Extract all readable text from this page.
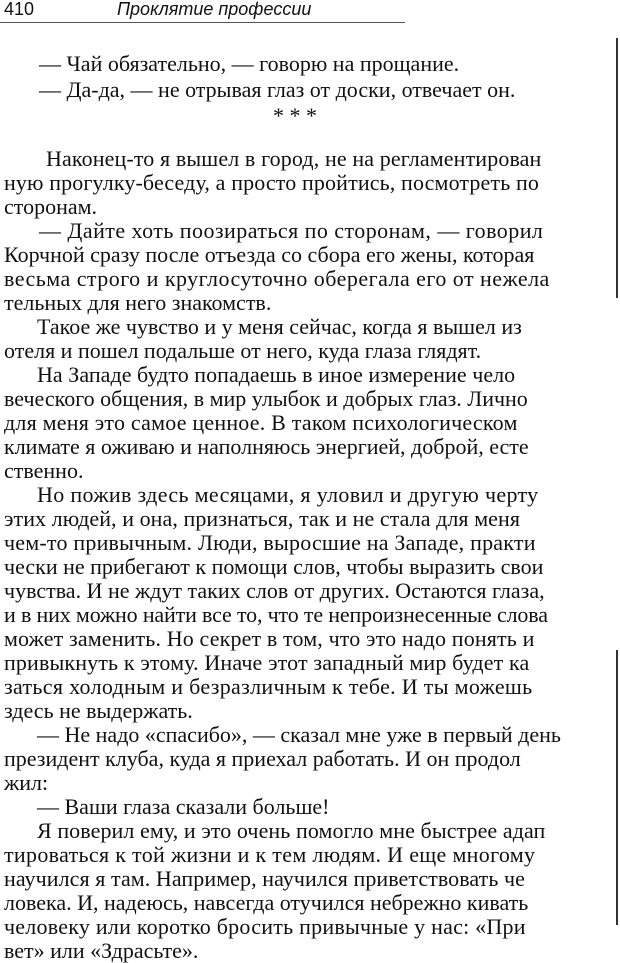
410	Проклятие профессии
— Чай обязательно, — говорю на прощание.
— Да-да, — не отрывая глаз от доски, отвечает он.
* * *
Наконец-то я вышел в город, не на регламентирован
ную прогулку-беседу, а просто пройтись, посмотреть по
сторонам.
— Дайте хоть поозираться по сторонам, — говорил
Корчной сразу после отъезда со сбора его жены, которая
весьма строго и круглосуточно оберегала его от нежела
тельных для него знакомств.
Такое же чувство и у меня сейчас, когда я вышел из
отеля и пошел подальше от него, куда глаза глядят.
На Западе будто попадаешь в иное измерение чело
веческого общения, в мир улыбок и добрых глаз. Лично
для меня это самое ценное. В таком психологическом
климате я оживаю и наполняюсь энергией, доброй, есте
ственно.
Но пожив здесь месяцами, я уловил и другую черту
этих людей, и она, признаться, так и не стала для меня
чем-то привычным. Люди, выросшие на Западе, практи
чески не прибегают к помощи слов, чтобы выразить свои
чувства. И не ждут таких слов от других. Остаются глаза,
и в них можно найти все то, что те непроизнесенные слова
может заменить. Но секрет в том, что это надо понять и
привыкнуть к этому. Иначе этот западный мир будет ка
заться холодным и безразличным к тебе. И ты можешь
здесь не выдержать.
— Не надо «спасибо», — сказал мне уже в первый день
президент клуба, куда я приехал работать. И он продол
жил:
— Ваши глаза сказали больше!
Я поверил ему, и это очень помогло мне быстрее адап
тироваться к той жизни и к тем людям. И еще многому
научился я там. Например, научился приветствовать че
ловека. И, надеюсь, навсегда отучился небрежно кивать
человеку или коротко бросить привычные у нас: «При
вет» или «Здрасьте».
